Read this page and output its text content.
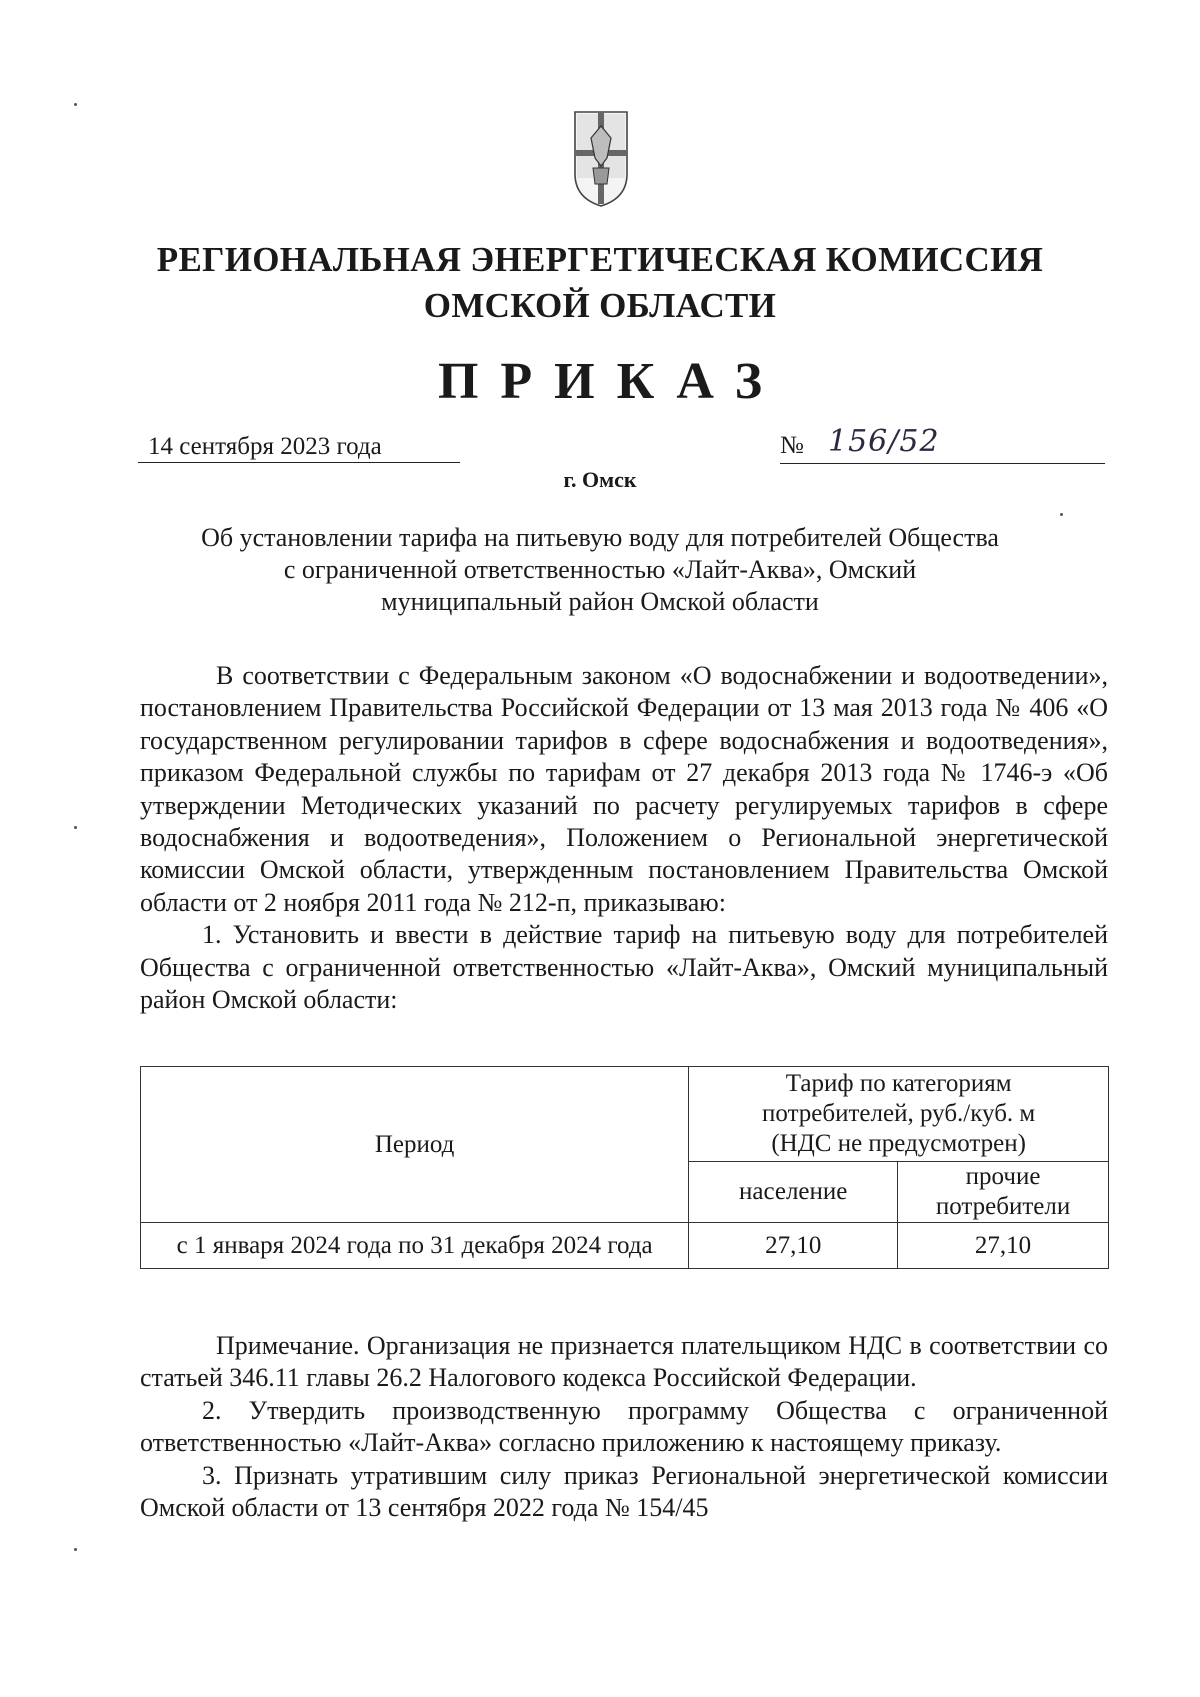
РЕГИОНАЛЬНАЯ ЭНЕРГЕТИЧЕСКАЯ КОМИССИЯ
ОМСКОЙ ОБЛАСТИ
ПРИКАЗ
14 сентября 2023 года	№ 156/52
г. Омск
Об установлении тарифа на питьевую воду для потребителей Общества
с ограниченной ответственностью «Лайт-Аква», Омский
муниципальный район Омской области

В соответствии с Федеральным законом «О водоснабжении и водоотведении», постановлением Правительства Российской Федерации от 13 мая 2013 года № 406 «О государственном регулировании тарифов в сфере водоснабжения и водоотведения», приказом Федеральной службы по тарифам от 27 декабря 2013 года № 1746-э «Об утверждении Методических указаний по расчету регулируемых тарифов в сфере водоснабжения и водоотведения», Положением о Региональной энергетической комиссии Омской области, утвержденным постановлением Правительства Омской области от 2 ноября 2011 года № 212-п, приказываю:

1. Установить и ввести в действие тариф на питьевую воду для потребителей Общества с ограниченной ответственностью «Лайт-Аква», Омский муниципальный район Омской области:

Период	Тариф по категориям
потребителей, руб./куб. м
(НДС не предусмотрен)	

	население	прочие
потребители

с 1 января 2024 года по 31 декабря 2024 года	27,10	27,10

Примечание. Организация не признается плательщиком НДС в соответствии со статьей 346.11 главы 26.2 Налогового кодекса Российской Федерации.

2. Утвердить производственную программу Общества с ограниченной ответственностью «Лайт-Аква» согласно приложению к настоящему приказу.

3. Признать утратившим силу приказ Региональной энергетической комиссии Омской области от 13 сентября 2022 года № 154/45
